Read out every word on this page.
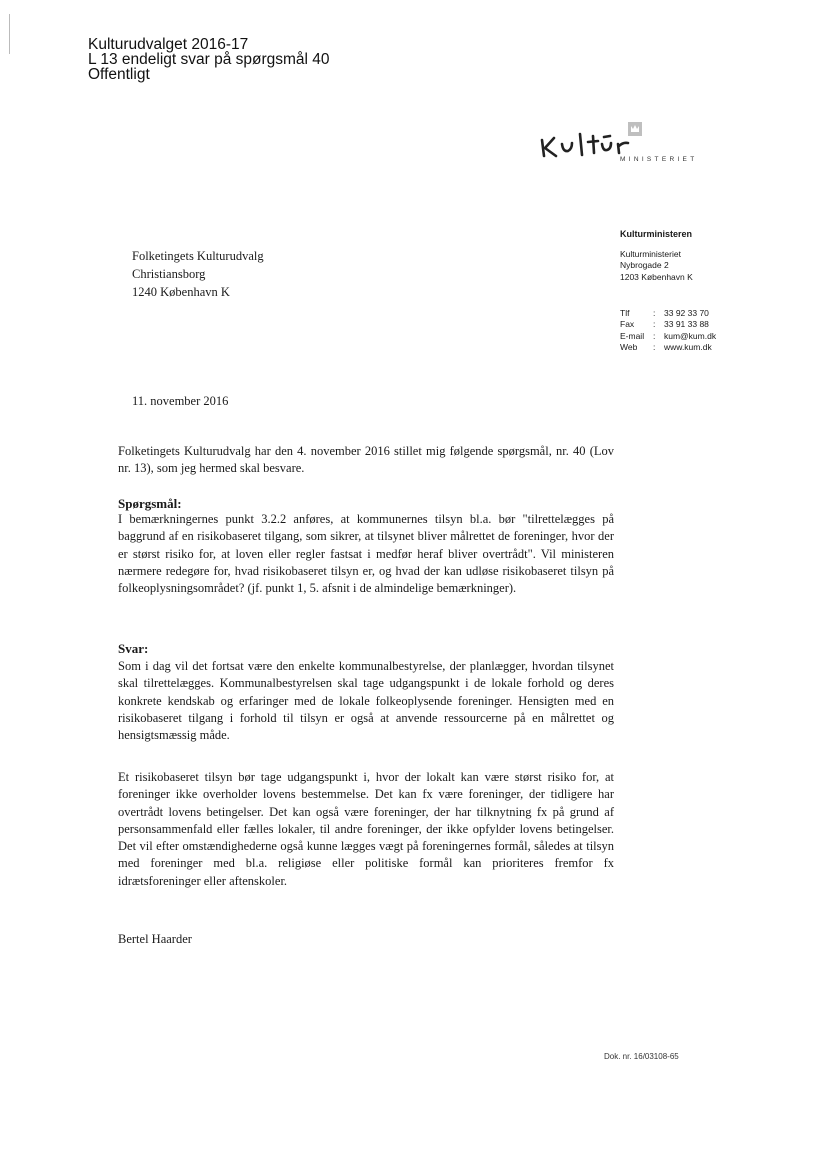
Kulturudvalget 2016-17
L 13 endeligt svar på spørgsmål 40
Offentligt
MINISTERIET
Folketingets Kulturudvalg
Christiansborg
1240 København K
Kulturministeren
Kulturministeriet
Nybrogade 2
1203 København K
Tlf	:	33 92 33 70
Fax	:	33 91 33 88
E-mail	:	kum@kum.dk
Web	:	www.kum.dk
11. november 2016
Folketingets Kulturudvalg har den 4. november 2016 stillet mig følgende spørgsmål, nr. 40 (Lov nr. 13), som jeg hermed skal besvare.
Spørgsmål:
I bemærkningernes punkt 3.2.2 anføres, at kommunernes tilsyn bl.a. bør "tilrettelægges på baggrund af en risikobaseret tilgang, som sikrer, at tilsynet bliver målrettet de foreninger, hvor der er størst risiko for, at loven eller regler fastsat i medfør heraf bliver overtrådt". Vil ministeren nærmere redegøre for, hvad risikobaseret tilsyn er, og hvad der kan udløse risikobaseret tilsyn på folkeoplysningsområdet? (jf. punkt 1, 5. afsnit i de almindelige bemærkninger).
Svar:
Som i dag vil det fortsat være den enkelte kommunalbestyrelse, der planlægger, hvordan tilsynet skal tilrettelægges. Kommunalbestyrelsen skal tage udgangspunkt i de lokale forhold og deres konkrete kendskab og erfaringer med de lokale folkeoplysende foreninger. Hensigten med en risikobaseret tilgang i forhold til tilsyn er også at anvende ressourcerne på en målrettet og hensigtsmæssig måde.
Et risikobaseret tilsyn bør tage udgangspunkt i, hvor der lokalt kan være størst risiko for, at foreninger ikke overholder lovens bestemmelse. Det kan fx være foreninger, der tidligere har overtrådt lovens betingelser. Det kan også være foreninger, der har tilknytning fx på grund af personsammenfald eller fælles lokaler, til andre foreninger, der ikke opfylder lovens betingelser. Det vil efter omstændighederne også kunne lægges vægt på foreningernes formål, således at tilsyn med foreninger med bl.a. religiøse eller politiske formål kan prioriteres fremfor fx idrætsforeninger eller aftenskoler.
Bertel Haarder
Dok. nr. 16/03108-65
